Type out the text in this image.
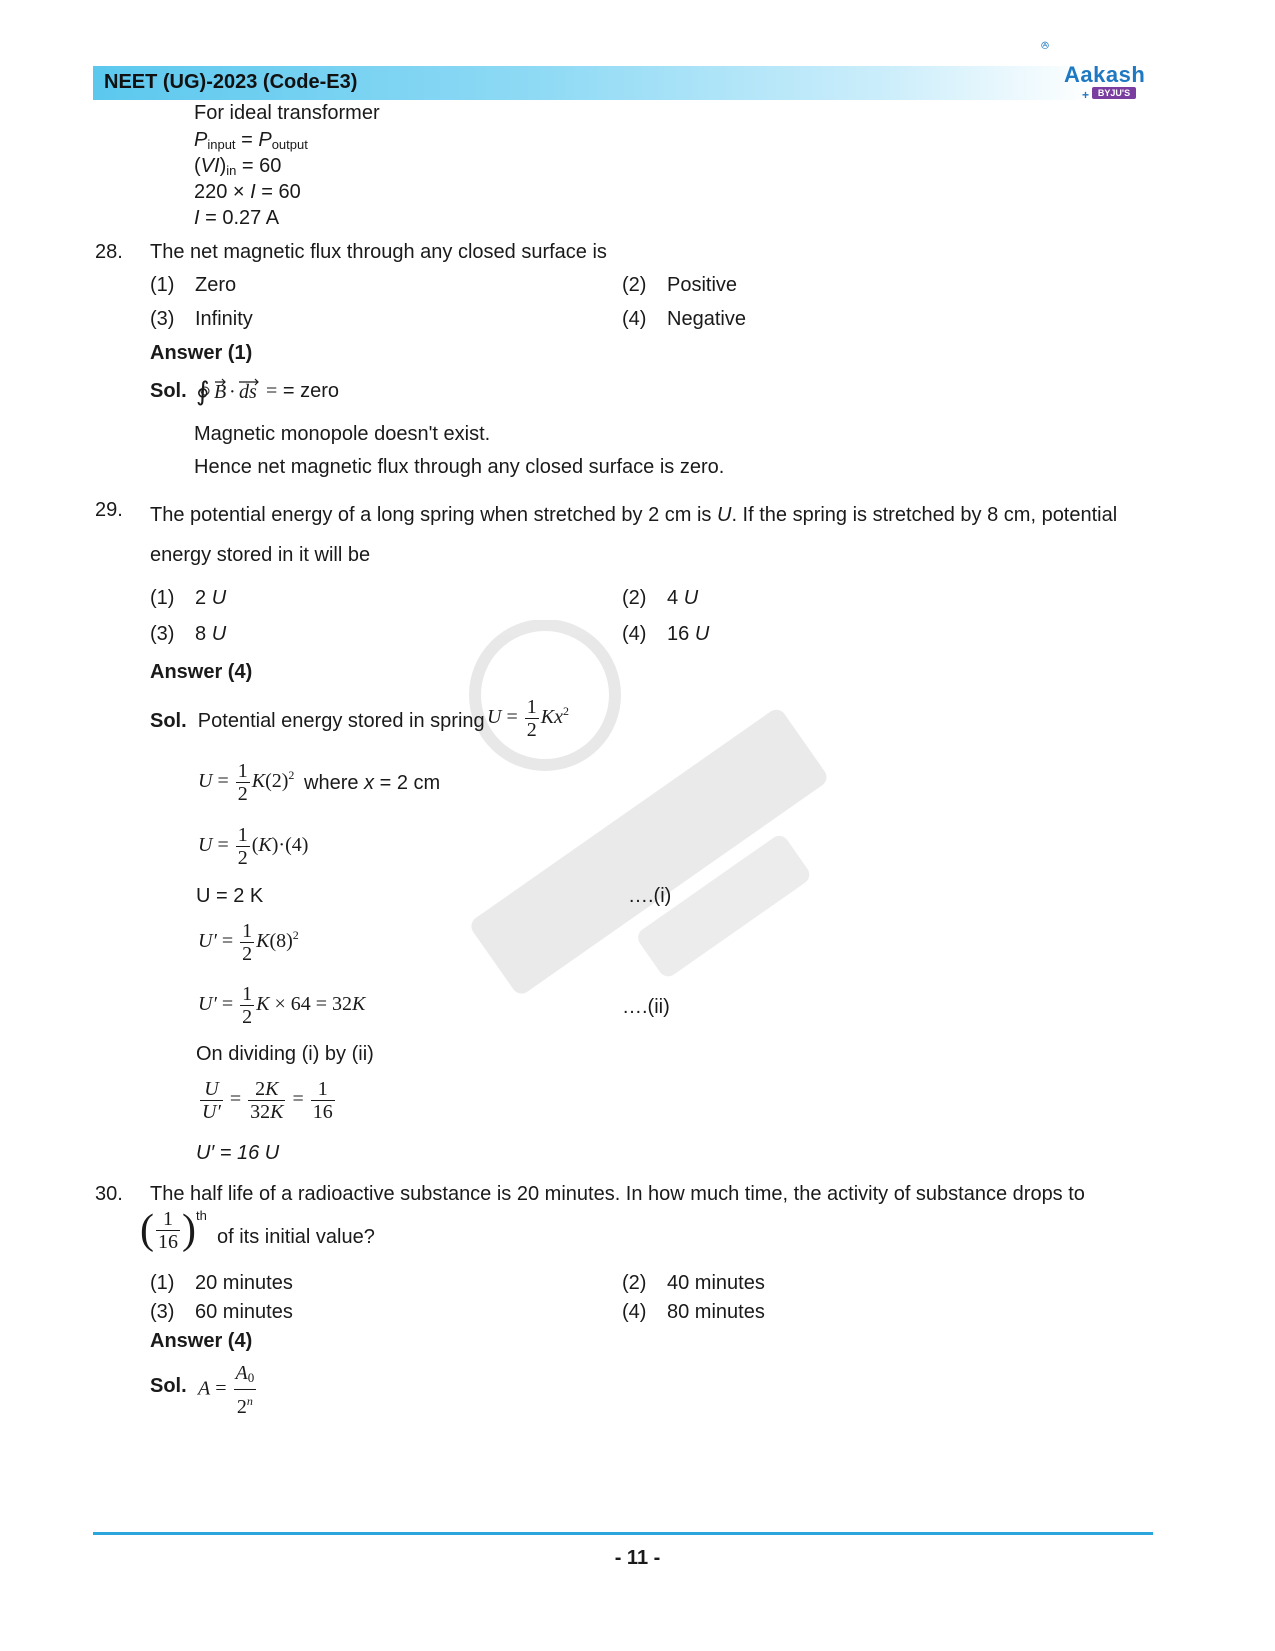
NEET (UG)-2023 (Code-E3)	Aakash
+ BYJU'S
For ideal transformer
$P_{input} = P_{output}$
$(VI)_{in} = 60$
220 × I = 60
I = 0.27 A
28. The net magnetic flux through any closed surface is
(1) Zero	(2) Positive
(3) Infinity	(4) Negative
Answer (1)
Sol. ∮ B · ds = = zero
Magnetic monopole doesn't exist.
Hence net magnetic flux through any closed surface is zero.
29. The potential energy of a long spring when stretched by 2 cm is U. If the spring is stretched by 8 cm, potential
energy stored in it will be
(1) 2 U	(2) 4 U
(3) 8 U	(4) 16 U
Answer (4)
Sol. Potential energy stored in spring $U = \frac{1}{2} Kx^2$
$U = \frac{1}{2} K(2)^2$ where x = 2 cm
$U = \frac{1}{2} (K)\cdot(4)$
U = 2 K	….(i)
$U' = \frac{1}{2} K(8)^2$
$U' = \frac{1}{2}$ K × 64 = 32K	….(ii)
On dividing (i) by (ii)
$\frac{U}{U'} = \frac{2K}{32K} = \frac{1}{16}$
U′ = 16 U
30. The half life of a radioactive substance is 20 minutes. In how much time, the activity of substance drops to
( $\frac{1}{16}$ ) th
of its initial value?
(1) 20 minutes	(2) 40 minutes
(3) 60 minutes	(4) 80 minutes
Answer (4)
Sol. $A = \frac{A_0}{2^n}$
- 11 -
